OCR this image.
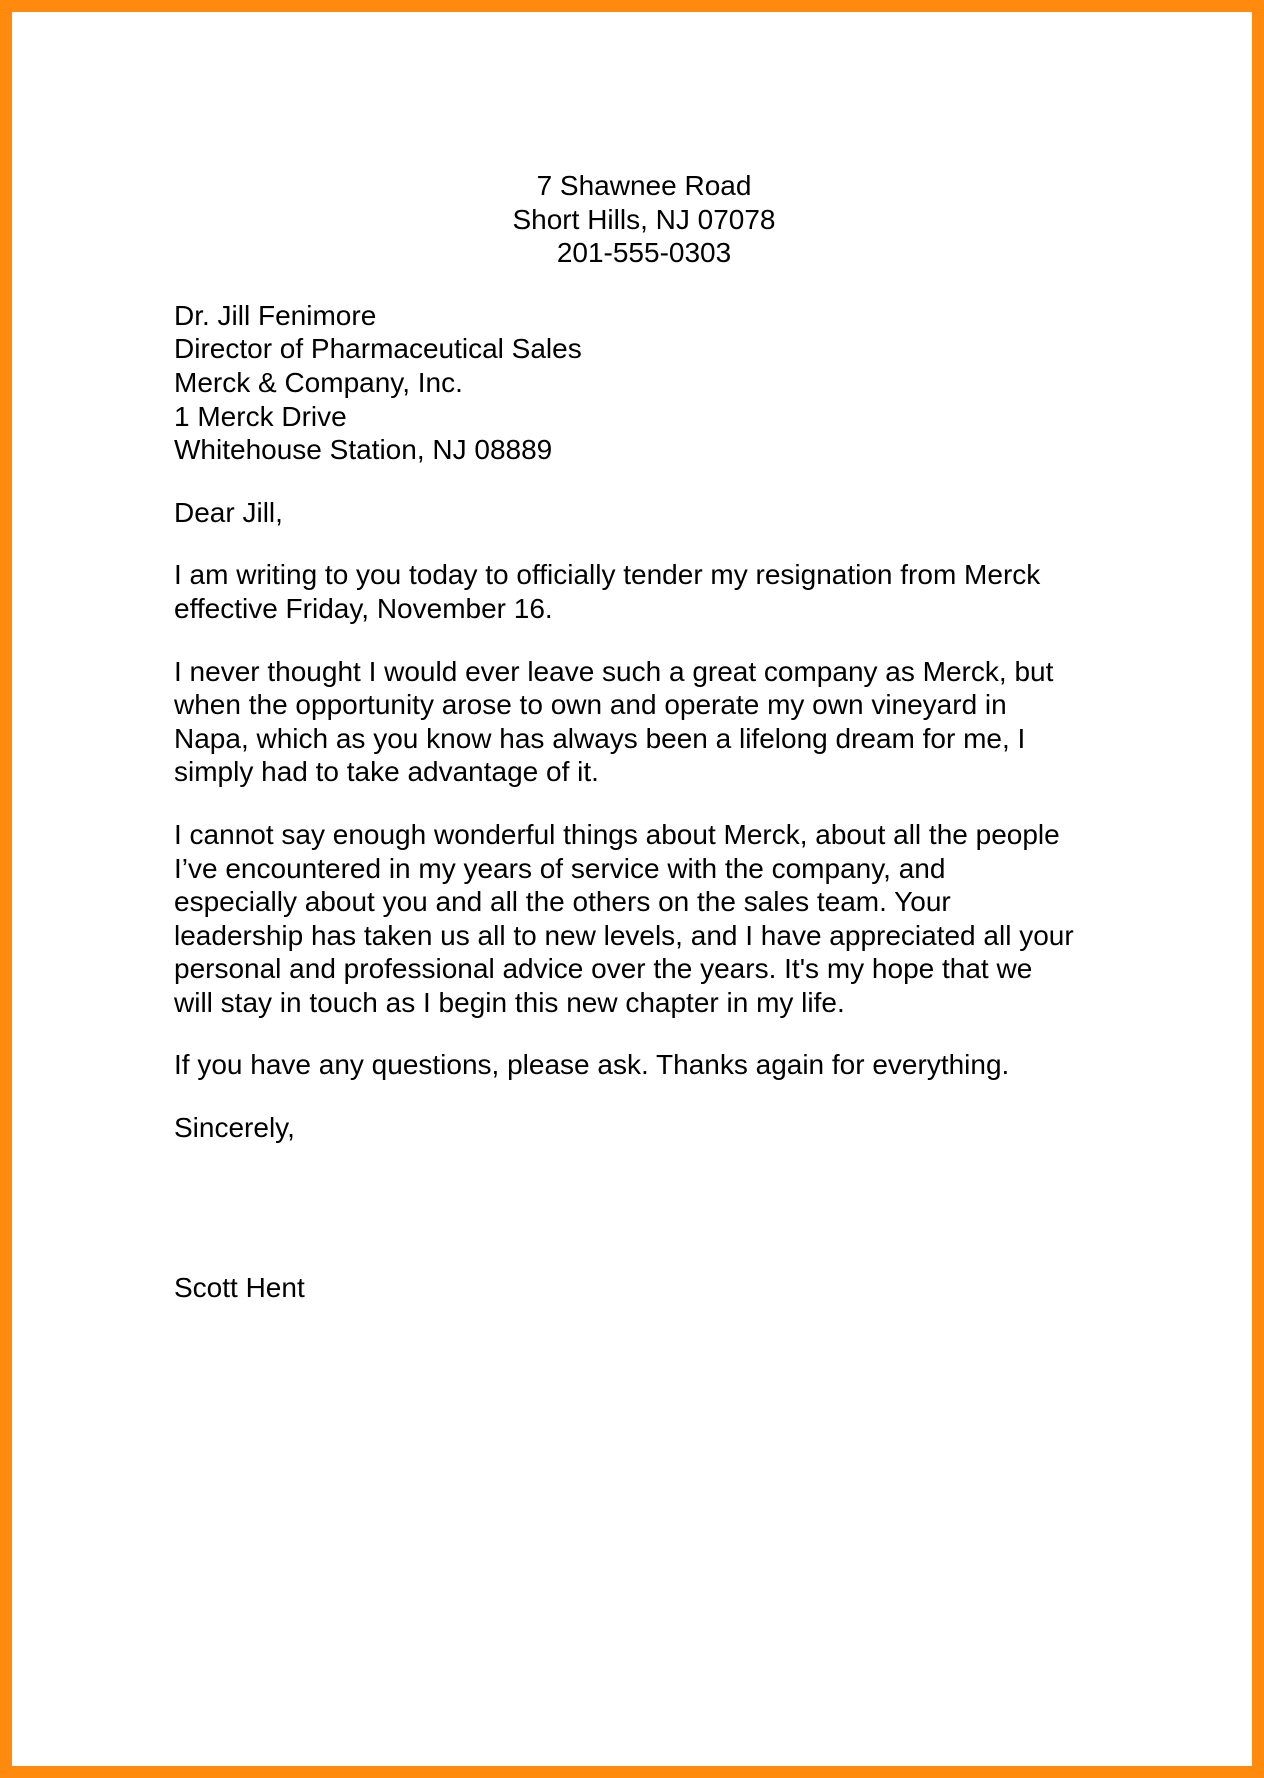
7 Shawnee Road
Short Hills, NJ 07078
201-555-0303
Dr. Jill Fenimore
Director of Pharmaceutical Sales
Merck & Company, Inc.
1 Merck Drive
Whitehouse Station, NJ 08889

Dear Jill,

I am writing to you today to officially tender my resignation from Merck
effective Friday, November 16.

I never thought I would ever leave such a great company as Merck, but
when the opportunity arose to own and operate my own vineyard in
Napa, which as you know has always been a lifelong dream for me, I
simply had to take advantage of it.

I cannot say enough wonderful things about Merck, about all the people
I’ve encountered in my years of service with the company, and
especially about you and all the others on the sales team. Your
leadership has taken us all to new levels, and I have appreciated all your
personal and professional advice over the years. It's my hope that we
will stay in touch as I begin this new chapter in my life.

If you have any questions, please ask. Thanks again for everything.

Sincerely,

Scott Hent
